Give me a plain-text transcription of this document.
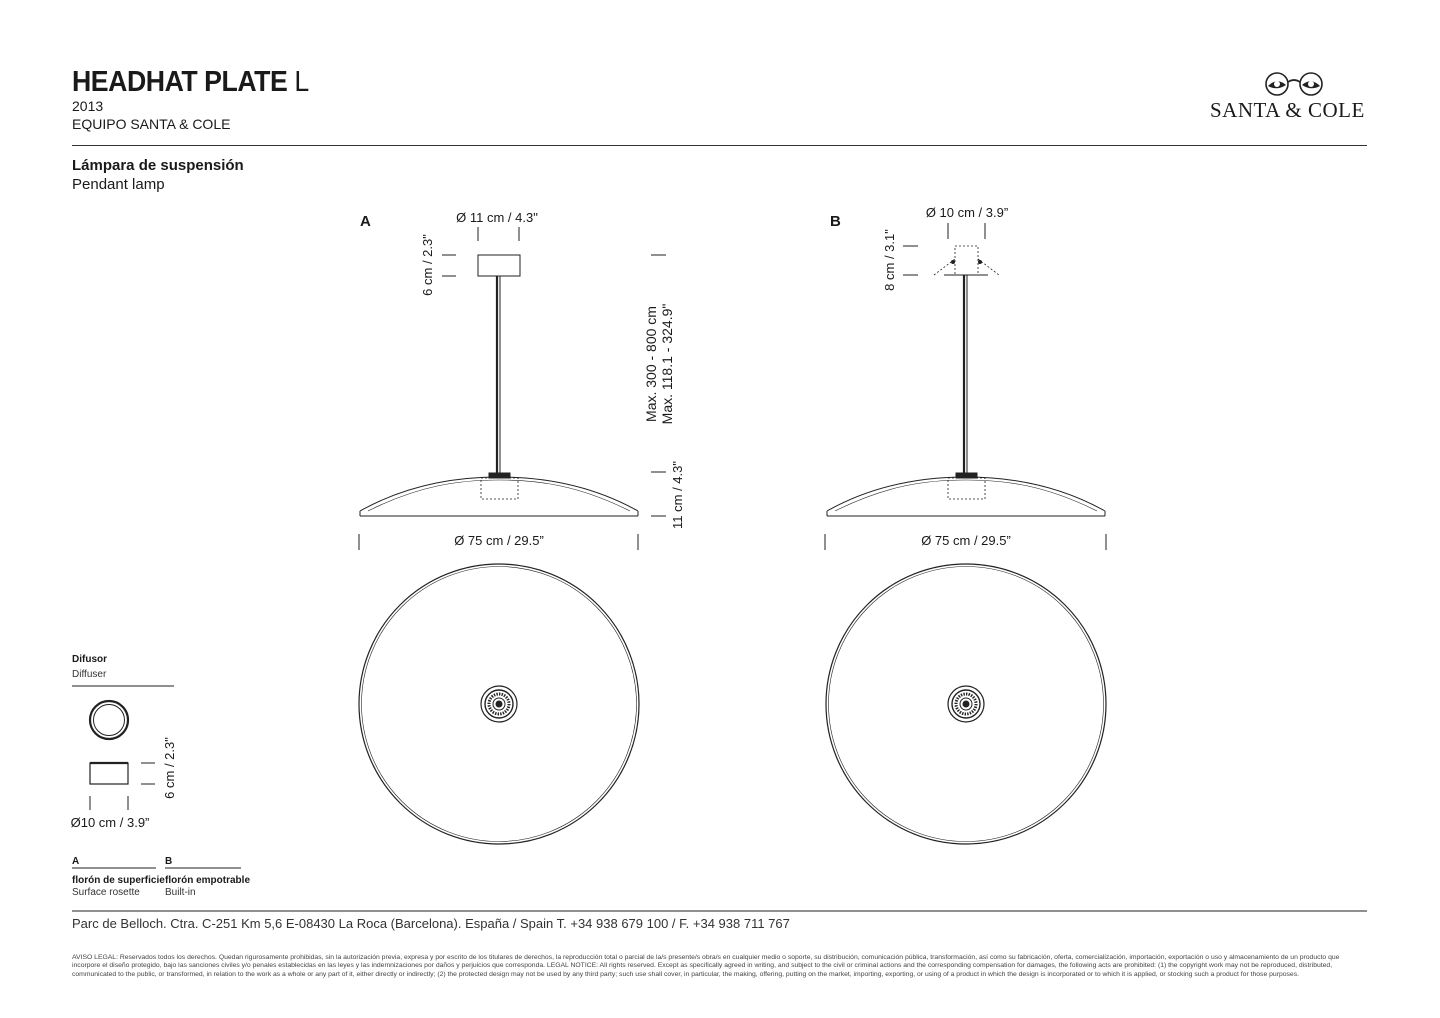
HEADHAT PLATE L
2013
EQUIPO SANTA & COLE
SANTA & COLE
Lámpara de suspensión
Pendant lamp
A	Ø 11 cm / 4.3"
6 cm / 2.3"
Max. 300 - 800 cm Max. 118.1 - 324.9"
11 cm / 4.3"
Ø 75 cm / 29.5”
B
Ø 10 cm / 3.9”
8 cm / 3.1"
Ø 75 cm / 29.5”
Difusor
Diffuser
6 cm / 2.3"
Ø10 cm / 3.9”
A
florón de superficie
Surface rosette
B
florón empotrable
Built-in
Parc de Belloch. Ctra. C-251 Km 5,6 E-08430 La Roca (Barcelona). España / Spain T. +34 938 679 100 / F. +34 938 711 767
AVISO LEGAL: Reservados todos los derechos. Quedan rigurosamente prohibidas, sin la autorización previa, expresa y por escrito de los titulares de derechos, la reproducción total o parcial de la/s presente/s obra/s en cualquier medio o soporte, su distribución, comunicación pública, transformación, así como su fabricación, oferta, comercialización, importación, exportación o uso y almacenamiento de un producto que incorpore el diseño protegido, bajo las sanciones civiles y/o penales establecidas en las leyes y las indemnizaciones por daños y perjuicios que corresponda. LEGAL NOTICE: All rights reserved. Except as specifically agreed in writing, and subject to the civil or criminal actions and the corresponding compensation for damages, the following acts are prohibited: (1) the copyright work may not be reproduced, distributed, communicated to the public, or transformed, in relation to the work as a whole or any part of it, either directly or indirectly; (2) the protected design may not be used by any third party; such use shall cover, in particular, the making, offering, putting on the market, importing, exporting, or using of a product in which the design is incorporated or to which it is applied, or stocking such a product for those purposes.
